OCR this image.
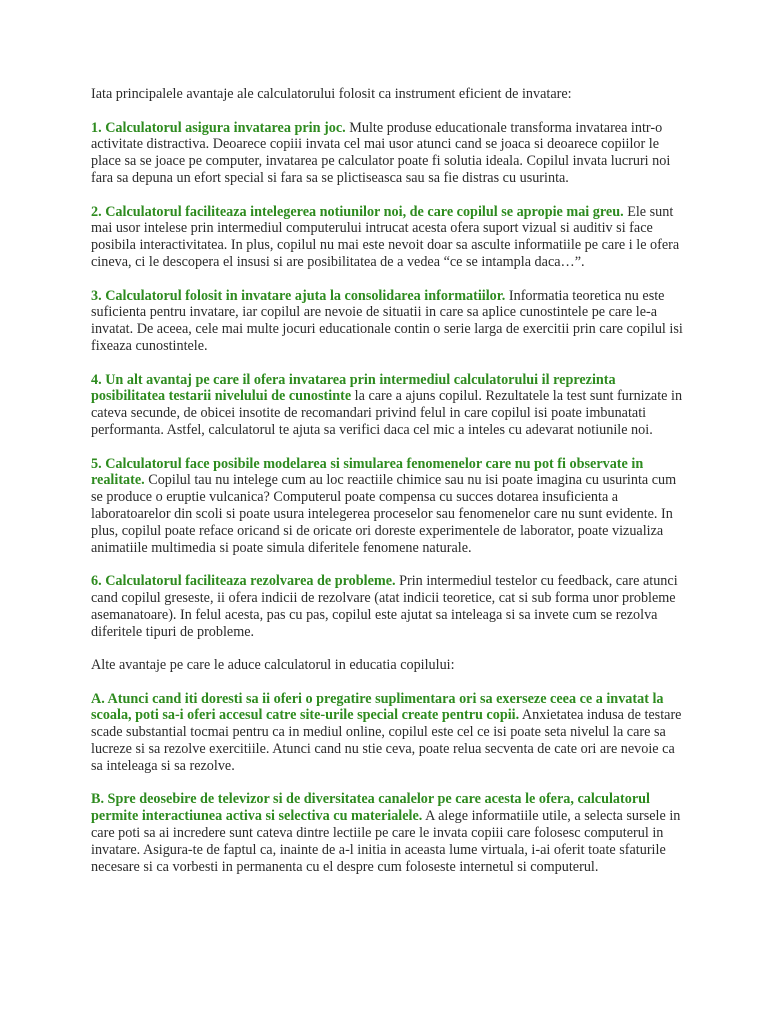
Iata principalele avantaje ale calculatorului folosit ca instrument eficient de invatare:

1. Calculatorul asigura invatarea prin joc. Multe produse educationale transforma invatarea intr-o activitate distractiva. Deoarece copiii invata cel mai usor atunci cand se joaca si deoarece copiilor le place sa se joace pe computer, invatarea pe calculator poate fi solutia ideala. Copilul invata lucruri noi fara sa depuna un efort special si fara sa se plictiseasca sau sa fie distras cu usurinta.

2. Calculatorul faciliteaza intelegerea notiunilor noi, de care copilul se apropie mai greu. Ele sunt mai usor intelese prin intermediul computerului intrucat acesta ofera suport vizual si auditiv si face posibila interactivitatea. In plus, copilul nu mai este nevoit doar sa asculte informatiile pe care i le ofera cineva, ci le descopera el insusi si are posibilitatea de a vedea “ce se intampla daca…”.

3. Calculatorul folosit in invatare ajuta la consolidarea informatiilor. Informatia teoretica nu este suficienta pentru invatare, iar copilul are nevoie de situatii in care sa aplice cunostintele pe care le-a invatat. De aceea, cele mai multe jocuri educationale contin o serie larga de exercitii prin care copilul isi fixeaza cunostintele.

4. Un alt avantaj pe care il ofera invatarea prin intermediul calculatorului il reprezinta posibilitatea testarii nivelului de cunostinte la care a ajuns copilul. Rezultatele la test sunt furnizate in cateva secunde, de obicei insotite de recomandari privind felul in care copilul isi poate imbunatati performanta. Astfel, calculatorul te ajuta sa verifici daca cel mic a inteles cu adevarat notiunile noi.

5. Calculatorul face posibile modelarea si simularea fenomenelor care nu pot fi observate in realitate. Copilul tau nu intelege cum au loc reactiile chimice sau nu isi poate imagina cu usurinta cum se produce o eruptie vulcanica? Computerul poate compensa cu succes dotarea insuficienta a laboratoarelor din scoli si poate usura intelegerea proceselor sau fenomenelor care nu sunt evidente. In plus, copilul poate reface oricand si de oricate ori doreste experimentele de laborator, poate vizualiza animatiile multimedia si poate simula diferitele fenomene naturale.

6. Calculatorul faciliteaza rezolvarea de probleme. Prin intermediul testelor cu feedback, care atunci cand copilul greseste, ii ofera indicii de rezolvare (atat indicii teoretice, cat si sub forma unor probleme asemanatoare). In felul acesta, pas cu pas, copilul este ajutat sa inteleaga si sa invete cum se rezolva diferitele tipuri de probleme.

Alte avantaje pe care le aduce calculatorul in educatia copilului:

A. Atunci cand iti doresti sa ii oferi o pregatire suplimentara ori sa exerseze ceea ce a invatat la scoala, poti sa-i oferi accesul catre site-urile special create pentru copii. Anxietatea indusa de testare scade substantial tocmai pentru ca in mediul online, copilul este cel ce isi poate seta nivelul la care sa lucreze si sa rezolve exercitiile. Atunci cand nu stie ceva, poate relua secventa de cate ori are nevoie ca sa inteleaga si sa rezolve.

B. Spre deosebire de televizor si de diversitatea canalelor pe care acesta le ofera, calculatorul permite interactiunea activa si selectiva cu materialele. A alege informatiile utile, a selecta sursele in care poti sa ai incredere sunt cateva dintre lectiile pe care le invata copiii care folosesc computerul in invatare. Asigura-te de faptul ca, inainte de a-l initia in aceasta lume virtuala, i-ai oferit toate sfaturile necesare si ca vorbesti in permanenta cu el despre cum foloseste internetul si computerul.
